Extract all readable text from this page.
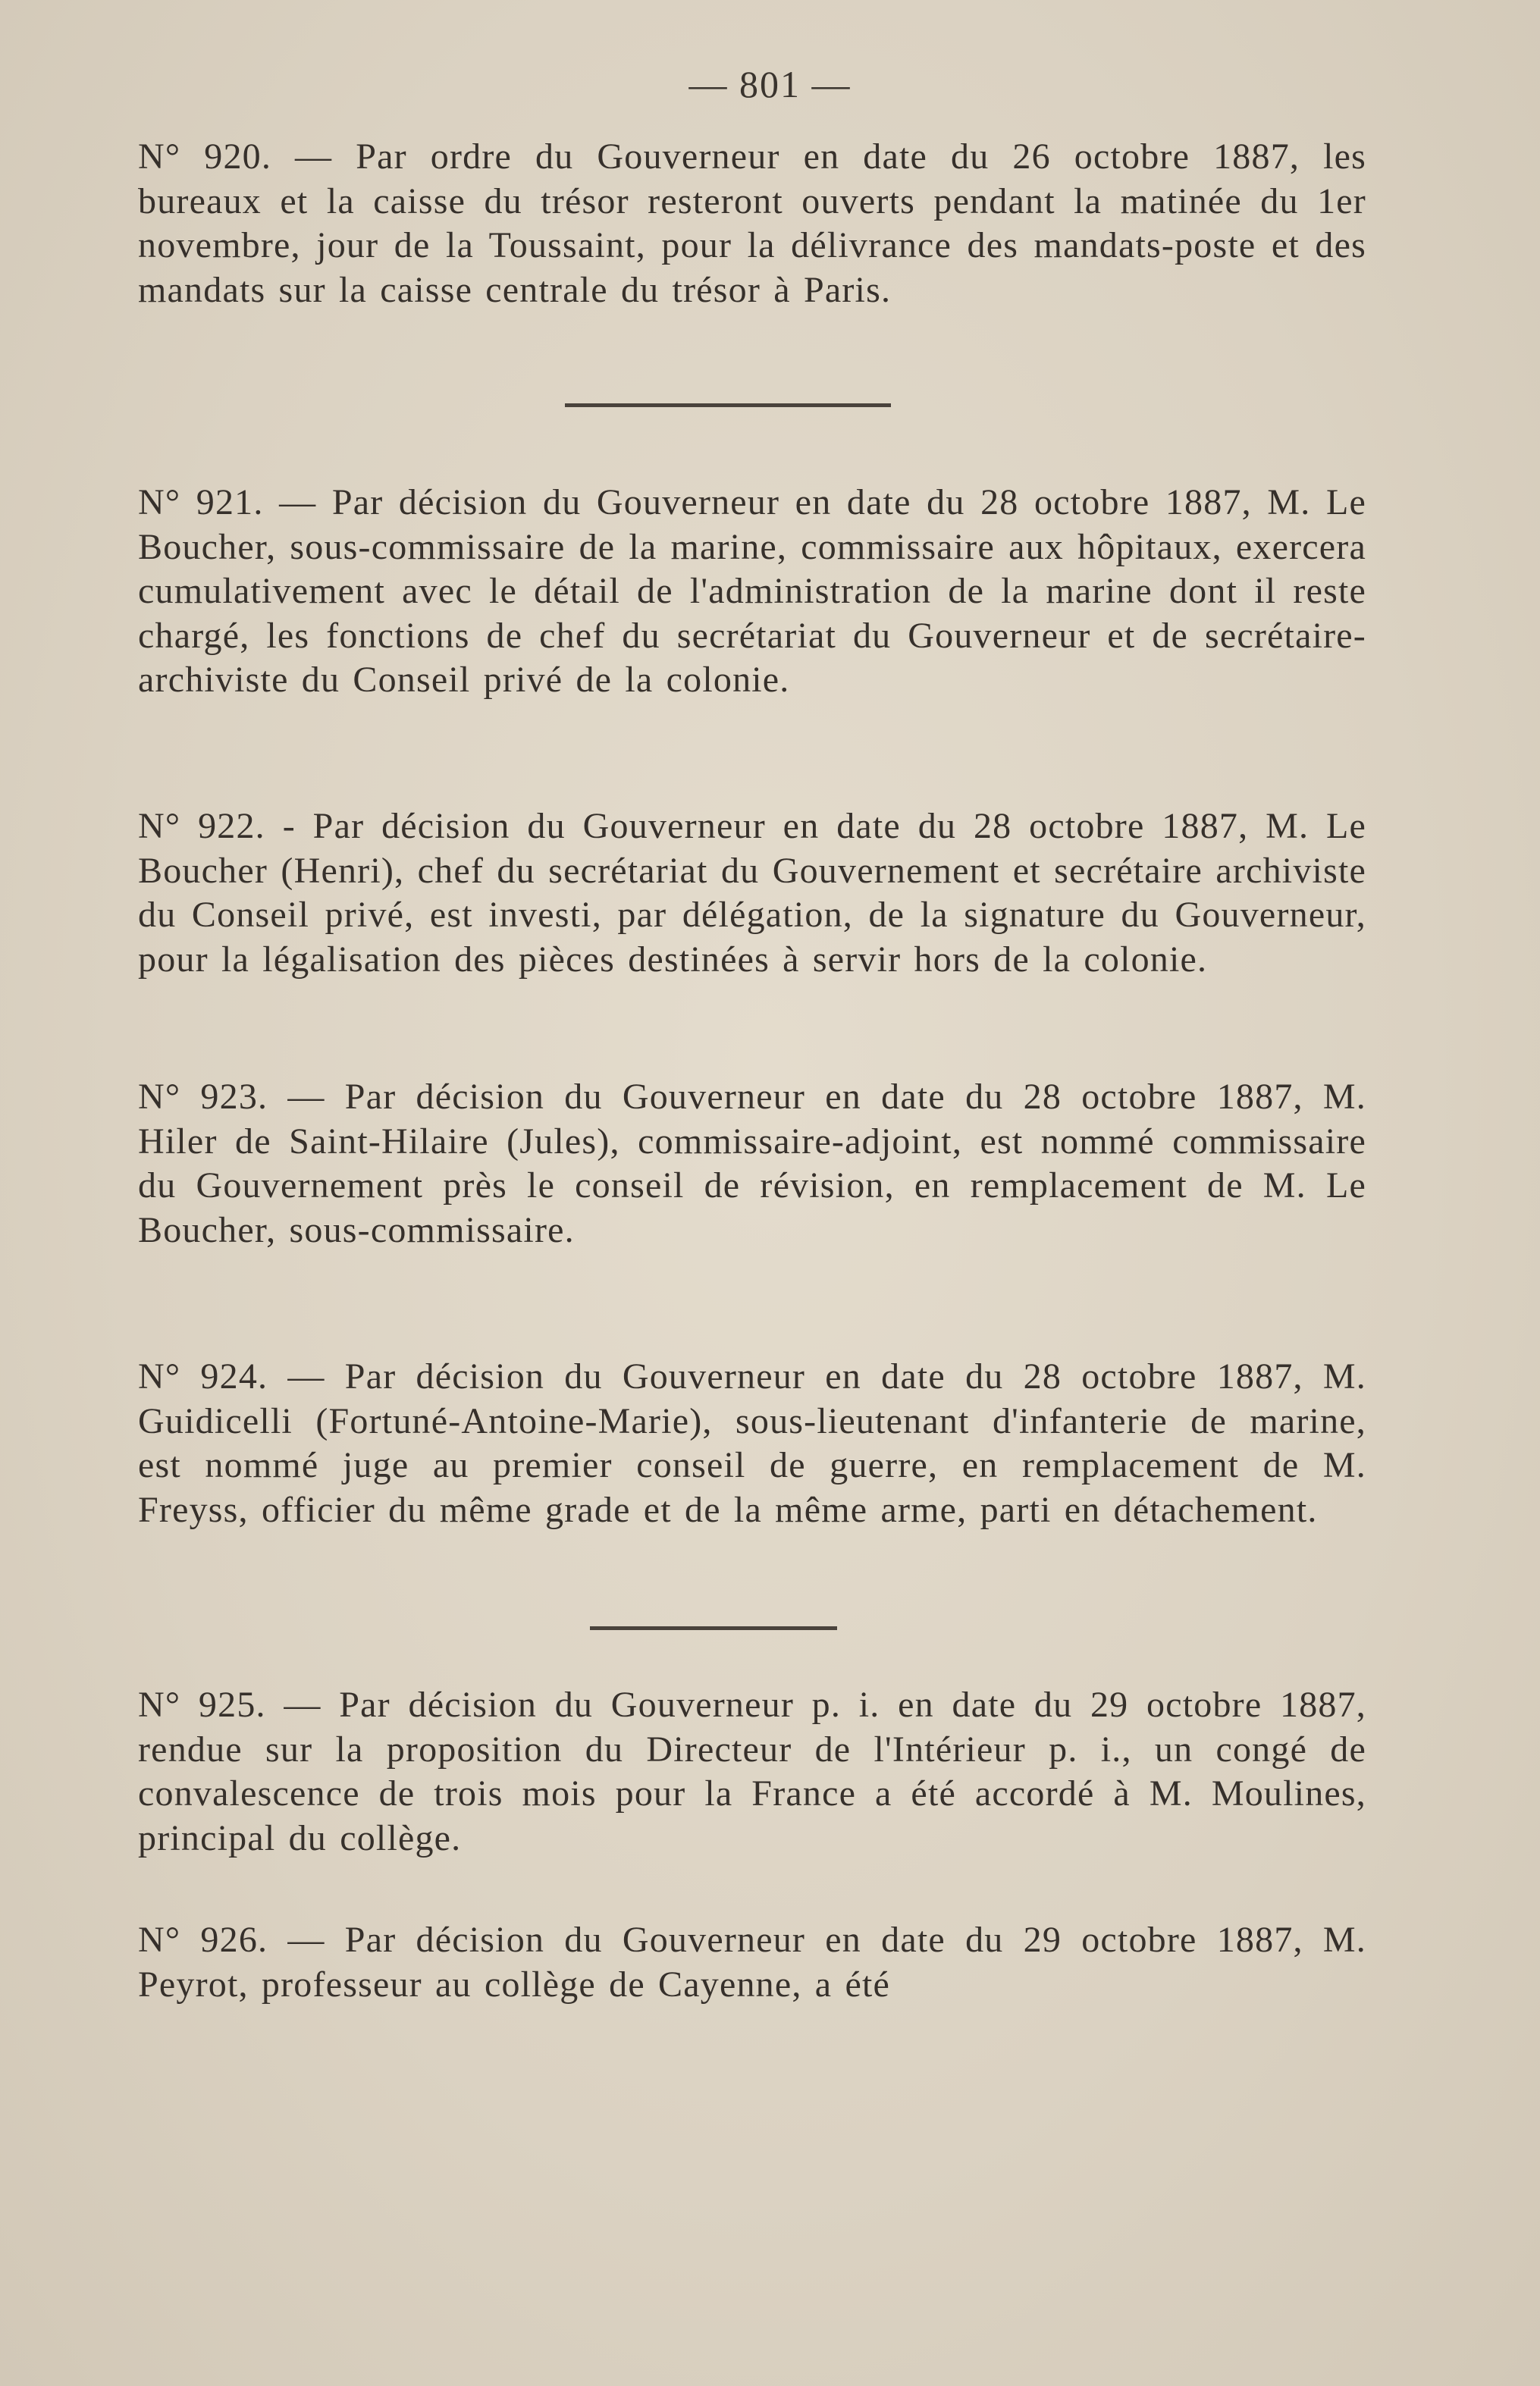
— 801 —
N° 920. — Par ordre du Gouverneur en date du 26 octobre 1887, les bureaux et la caisse du trésor resteront ouverts pendant la matinée du 1er novembre, jour de la Toussaint, pour la délivrance des mandats-poste et des mandats sur la caisse centrale du trésor à Paris.
N° 921. — Par décision du Gouverneur en date du 28 octobre 1887, M. Le Boucher, sous-commissaire de la marine, commissaire aux hôpitaux, exercera cumulativement avec le détail de l'administration de la marine dont il reste chargé, les fonctions de chef du secrétariat du Gouverneur et de secrétaire-archiviste du Conseil privé de la colonie.
N° 922. - Par décision du Gouverneur en date du 28 octobre 1887, M. Le Boucher (Henri), chef du secrétariat du Gouvernement et secrétaire archiviste du Conseil privé, est investi, par délégation, de la signature du Gouverneur, pour la légalisation des pièces destinées à servir hors de la colonie.
N° 923. — Par décision du Gouverneur en date du 28 octobre 1887, M. Hiler de Saint-Hilaire (Jules), commissaire-adjoint, est nommé commissaire du Gouvernement près le conseil de révision, en remplacement de M. Le Boucher, sous-commissaire.
N° 924. — Par décision du Gouverneur en date du 28 octobre 1887, M. Guidicelli (Fortuné-Antoine-Marie), sous-lieutenant d'infanterie de marine, est nommé juge au premier conseil de guerre, en remplacement de M. Freyss, officier du même grade et de la même arme, parti en détachement.
N° 925. — Par décision du Gouverneur p. i. en date du 29 octobre 1887, rendue sur la proposition du Directeur de l'Intérieur p. i., un congé de convalescence de trois mois pour la France a été accordé à M. Moulines, principal du collège.
N° 926. — Par décision du Gouverneur en date du 29 octobre 1887, M. Peyrot, professeur au collège de Cayenne, a été
